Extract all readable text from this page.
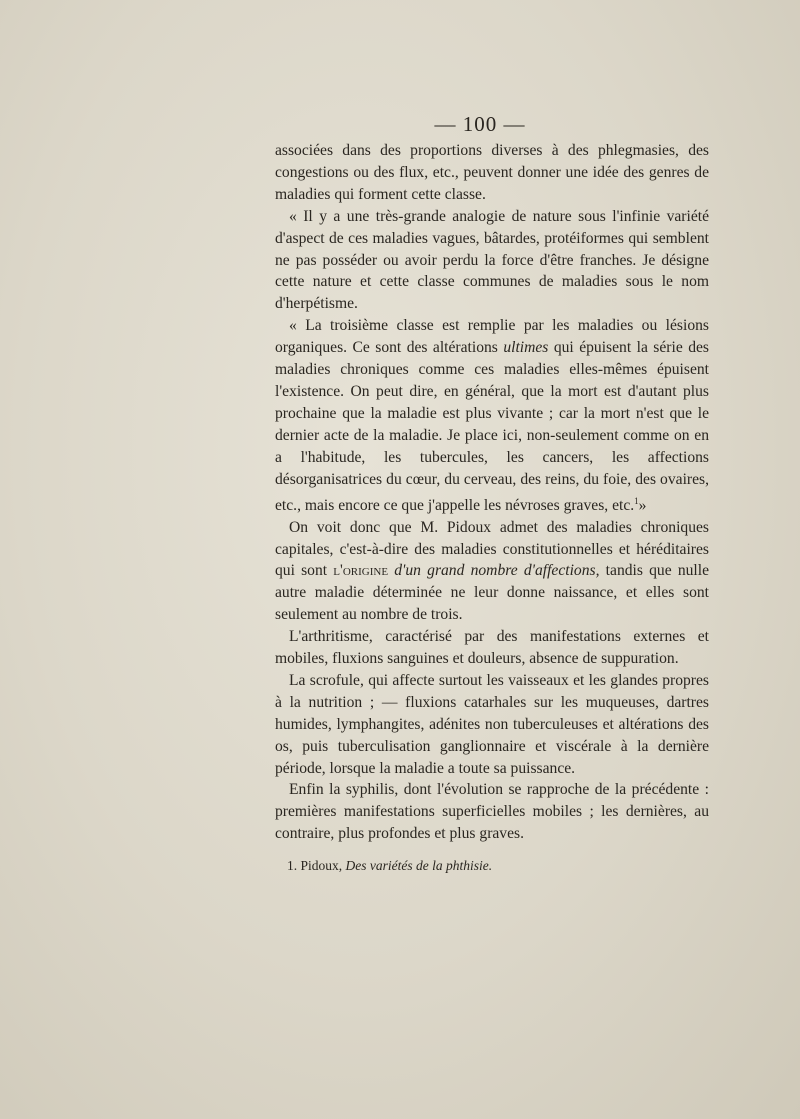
— 100 —

associées dans des proportions diverses à des phlegmasies, des congestions ou des flux, etc., peuvent donner une idée des genres de maladies qui forment cette classe.

« Il y a une très-grande analogie de nature sous l'infinie variété d'aspect de ces maladies vagues, bâtardes, protéiformes qui semblent ne pas posséder ou avoir perdu la force d'être franches. Je désigne cette nature et cette classe communes de maladies sous le nom d'herpétisme.

« La troisième classe est remplie par les maladies ou lésions organiques. Ce sont des altérations ultimes qui épuisent la série des maladies chroniques comme ces maladies elles-mêmes épuisent l'existence. On peut dire, en général, que la mort est d'autant plus prochaine que la maladie est plus vivante ; car la mort n'est que le dernier acte de la maladie. Je place ici, non-seulement comme on en a l'habitude, les tubercules, les cancers, les affections désorganisatrices du cœur, du cerveau, des reins, du foie, des ovaires, etc., mais encore ce que j'appelle les névroses graves, etc.$^1$»

On voit donc que M. Pidoux admet des maladies chroniques capitales, c'est-à-dire des maladies constitutionnelles et héréditaires qui sont l'origine d'un grand nombre d'affections, tandis que nulle autre maladie déterminée ne leur donne naissance, et elles sont seulement au nombre de trois.

L'arthritisme, caractérisé par des manifestations externes et mobiles, fluxions sanguines et douleurs, absence de suppuration.

La scrofule, qui affecte surtout les vaisseaux et les glandes propres à la nutrition ; — fluxions catarhales sur les muqueuses, dartres humides, lymphangites, adénites non tuberculeuses et altérations des os, puis tuberculisation ganglionnaire et viscérale à la dernière période, lorsque la maladie a toute sa puissance.

Enfin la syphilis, dont l'évolution se rapproche de la précédente : premières manifestations superficielles mobiles ; les dernières, au contraire, plus profondes et plus graves.

1. Pidoux, Des variétés de la phthisie.
